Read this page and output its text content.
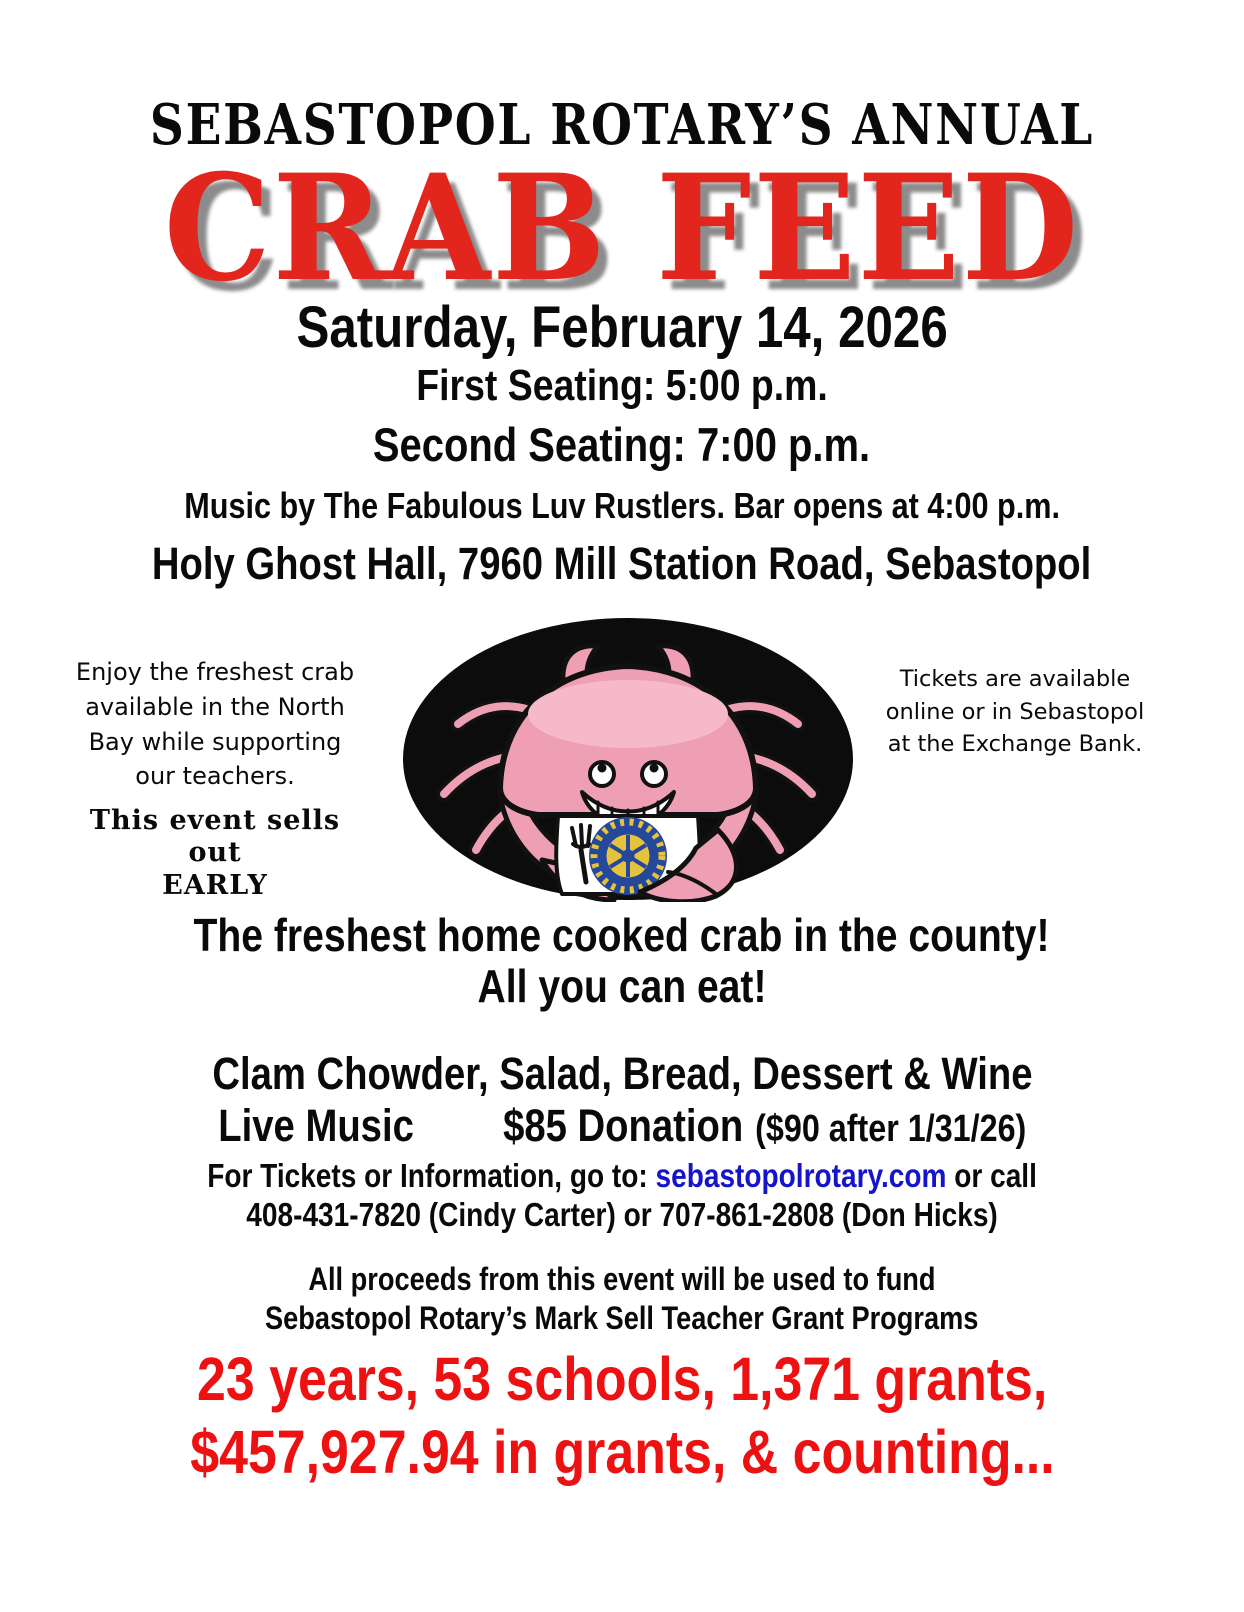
SEBASTOPOL ROTARY’S ANNUAL
CRAB FEED
Saturday, February 14, 2026
First Seating: 5:00 p.m.
Second Seating: 7:00 p.m.
Music by The Fabulous Luv Rustlers. Bar opens at 4:00 p.m.
Holy Ghost Hall, 7960 Mill Station Road, Sebastopol
Enjoy the freshest crab available in the North Bay while supporting our teachers.
This event sells out
EARLY
Tickets are available online or in Sebastopol at the Exchange Bank.
The freshest home cooked crab in the county!
All you can eat!
Clam Chowder, Salad, Bread, Dessert & Wine
Live Music $85 Donation ($90 after 1/31/26)
For Tickets or Information, go to: sebastopolrotary.com or call
408-431-7820 (Cindy Carter) or 707-861-2808 (Don Hicks)
All proceeds from this event will be used to fund
Sebastopol Rotary’s Mark Sell Teacher Grant Programs
23 years, 53 schools, 1,371 grants,
$457,927.94 in grants, & counting...
